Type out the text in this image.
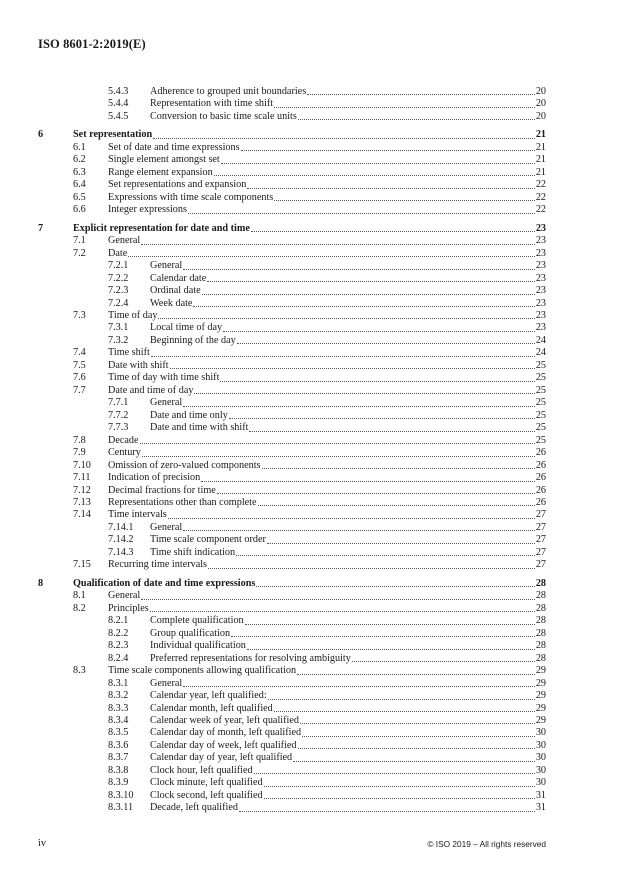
ISO 8601-2:2019(E)
5.4.3 Adherence to grouped unit boundaries	20
5.4.4 Representation with time shift	20
5.4.5 Conversion to basic time scale units	20
6	Set representation	21
6.1 Set of date and time expressions	21
6.2 Single element amongst set	21
6.3 Range element expansion	21
6.4 Set representations and expansion	22
6.5 Expressions with time scale components	22
6.6 Integer expressions	22
7	Explicit representation for date and time	23
7.1 General	23
7.2 Date	23
7.2.1 General	23
7.2.2 Calendar date	23
7.2.3 Ordinal date	23
7.2.4 Week date	23
7.3 Time of day	23
7.3.1 Local time of day	23
7.3.2 Beginning of the day	24
7.4 Time shift	24
7.5 Date with shift	25
7.6 Time of day with time shift	25
7.7 Date and time of day	25
7.7.1 General	25
7.7.2 Date and time only	25
7.7.3 Date and time with shift	25
7.8 Decade	25
7.9 Century	26
7.10 Omission of zero-valued components	26
7.11 Indication of precision	26
7.12 Decimal fractions for time	26
7.13 Representations other than complete	26
7.14 Time intervals	27
7.14.1 General	27
7.14.2 Time scale component order	27
7.14.3 Time shift indication	27
7.15 Recurring time intervals	27
8	Qualification of date and time expressions	28
8.1 General	28
8.2 Principles	28
8.2.1 Complete qualification	28
8.2.2 Group qualification	28
8.2.3 Individual qualification	28
8.2.4 Preferred representations for resolving ambiguity	28
8.3 Time scale components allowing qualification	29
8.3.1 General	29
8.3.2 Calendar year, left qualified:	29
8.3.3 Calendar month, left qualified	29
8.3.4 Calendar week of year, left qualified	29
8.3.5 Calendar day of month, left qualified	30
8.3.6 Calendar day of week, left qualified	30
8.3.7 Calendar day of year, left qualified	30
8.3.8 Clock hour, left qualified	30
8.3.9 Clock minute, left qualified	30
8.3.10 Clock second, left qualified	31
8.3.11 Decade, left qualified	31
iv	© ISO 2019 – All rights reserved
